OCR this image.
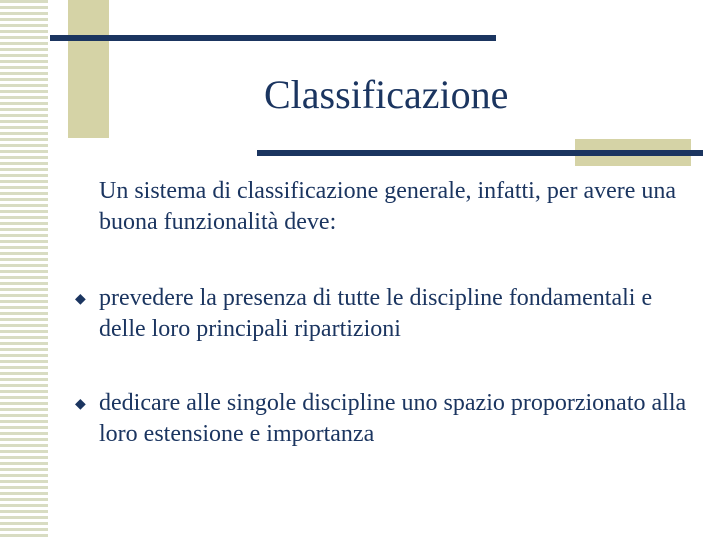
Classificazione

Un sistema di classificazione generale, infatti, per avere una buona funzionalità deve:

◆ prevedere la presenza di tutte le discipline fondamentali e delle loro principali ripartizioni
◆ dedicare alle singole discipline uno spazio proporzionato alla loro estensione e importanza
